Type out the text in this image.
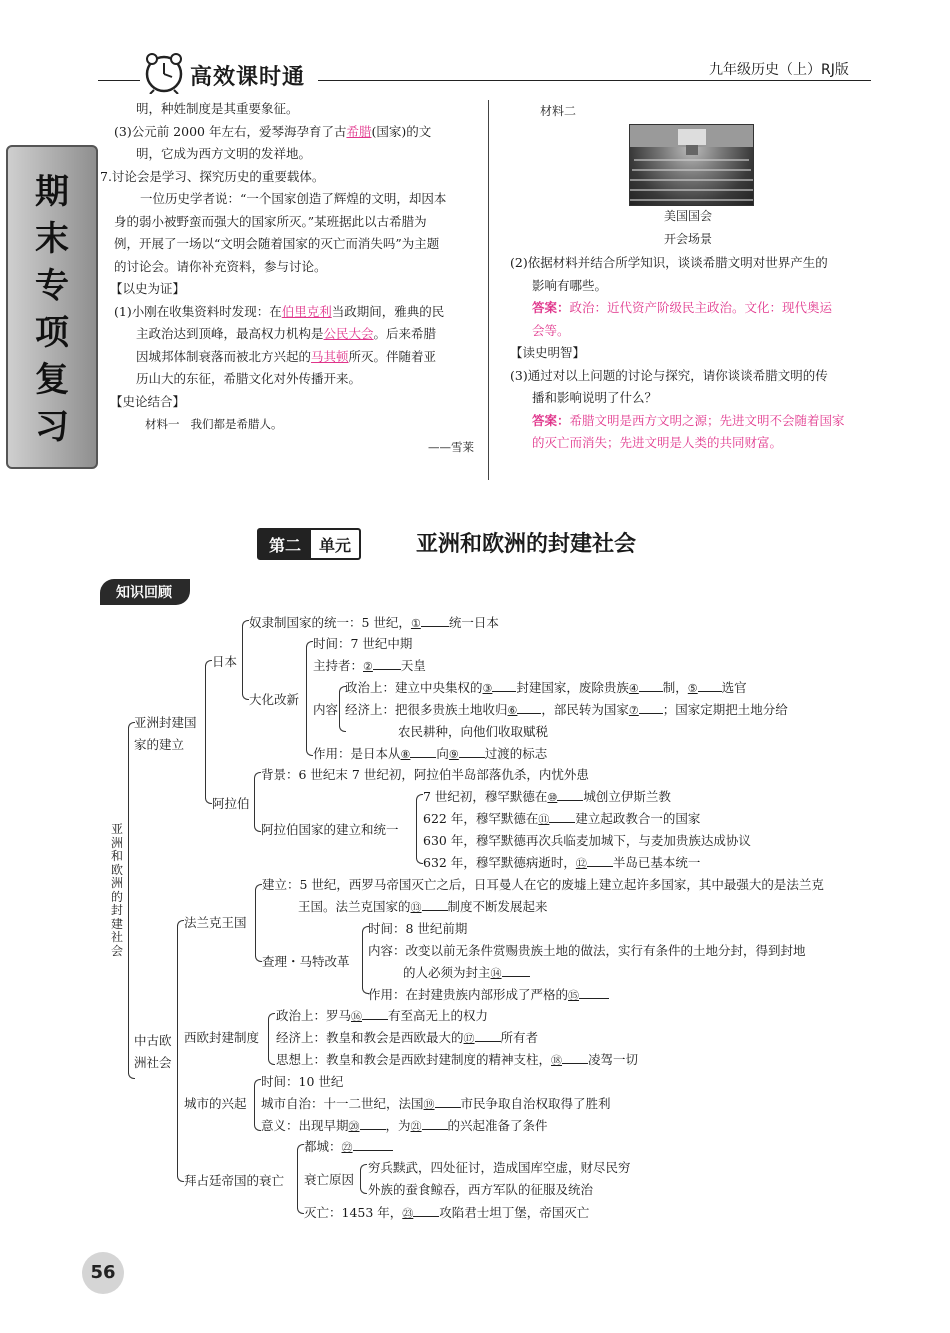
高效课时通	九年级历史（上）RJ版
期
末
专
项
复
习
明，种姓制度是其重要象征。
(3)公元前 2000 年左右，爱琴海孕育了古希腊(国家)的文
明，它成为西方文明的发祥地。
7.讨论会是学习、探究历史的重要载体。
一位历史学者说：“一个国家创造了辉煌的文明，却因本
身的弱小被野蛮而强大的国家所灭。”某班据此以古希腊为
例，开展了一场以“文明会随着国家的灭亡而消失吗”为主题
的讨论会。请你补充资料，参与讨论。
【以史为证】
(1)小刚在收集资料时发现：在伯里克利当政期间，雅典的民
主政治达到顶峰，最高权力机构是公民大会。后来希腊
因城邦体制衰落而被北方兴起的马其顿所灭。伴随着亚
历山大的东征，希腊文化对外传播开来。
【史论结合】
材料一 我们都是希腊人。
——雪莱
材料二
美国国会
开会场景
(2)依据材料并结合所学知识，谈谈希腊文明对世界产生的
影响有哪些。
答案：政治：近代资产阶级民主政治。文化：现代奥运
会等。
【读史明智】
(3)通过对以上问题的讨论与探究，请你谈谈希腊文明的传
播和影响说明了什么？
答案：希腊文明是西方文明之源；先进文明不会随着国家
的灭亡而消失；先进文明是人类的共同财富。
第二	单元	亚洲和欧洲的封建社会
知识回顾
亚
洲
和
欧
洲
的
封
建
社
会
亚洲封建国
家的建立
日本
奴隶制国家的统一：5 世纪，① 统一日本
大化改新
时间：7 世纪中期
主持者：② 天皇
内容
政治上：建立中央集权的③ 封建国家，废除贵族④ 制，⑤ 选官
经济上：把很多贵族土地收归⑥ ，部民转为国家⑦ ；国家定期把土地分给
农民耕种，向他们收取赋税
作用：是日本从⑧ 向⑨ 过渡的标志
阿拉伯
背景：6 世纪末 7 世纪初，阿拉伯半岛部落仇杀，内忧外患
阿拉伯国家的建立和统一
7 世纪初，穆罕默德在⑩ 城创立伊斯兰教
622 年，穆罕默德在⑪ 建立起政教合一的国家
630 年，穆罕默德再次兵临麦加城下，与麦加贵族达成协议
632 年，穆罕默德病逝时，⑫ 半岛已基本统一
中古欧
洲社会
法兰克王国
建立：5 世纪，西罗马帝国灭亡之后，日耳曼人在它的废墟上建立起许多国家，其中最强大的是法兰克
王国。法兰克国家的⑬ 制度不断发展起来
查理・马特改革
时间：8 世纪前期
内容：改变以前无条件赏赐贵族土地的做法，实行有条件的土地分封，得到封地
的人必须为封主⑭
作用：在封建贵族内部形成了严格的⑮
西欧封建制度
政治上：罗马⑯ 有至高无上的权力
经济上：教皇和教会是西欧最大的⑰ 所有者
思想上：教皇和教会是西欧封建制度的精神支柱，⑱ 凌驾一切
城市的兴起
时间：10 世纪
城市自治：十一二世纪，法国⑲ 市民争取自治权取得了胜利
意义：出现早期⑳ ，为㉑ 的兴起准备了条件
拜占廷帝国的衰亡
都城：㉒
衰亡原因
穷兵黩武，四处征讨，造成国库空虚，财尽民穷
外族的蚕食鲸吞，西方军队的征服及统治
灭亡：1453 年，㉓ 攻陷君士坦丁堡，帝国灭亡
56
